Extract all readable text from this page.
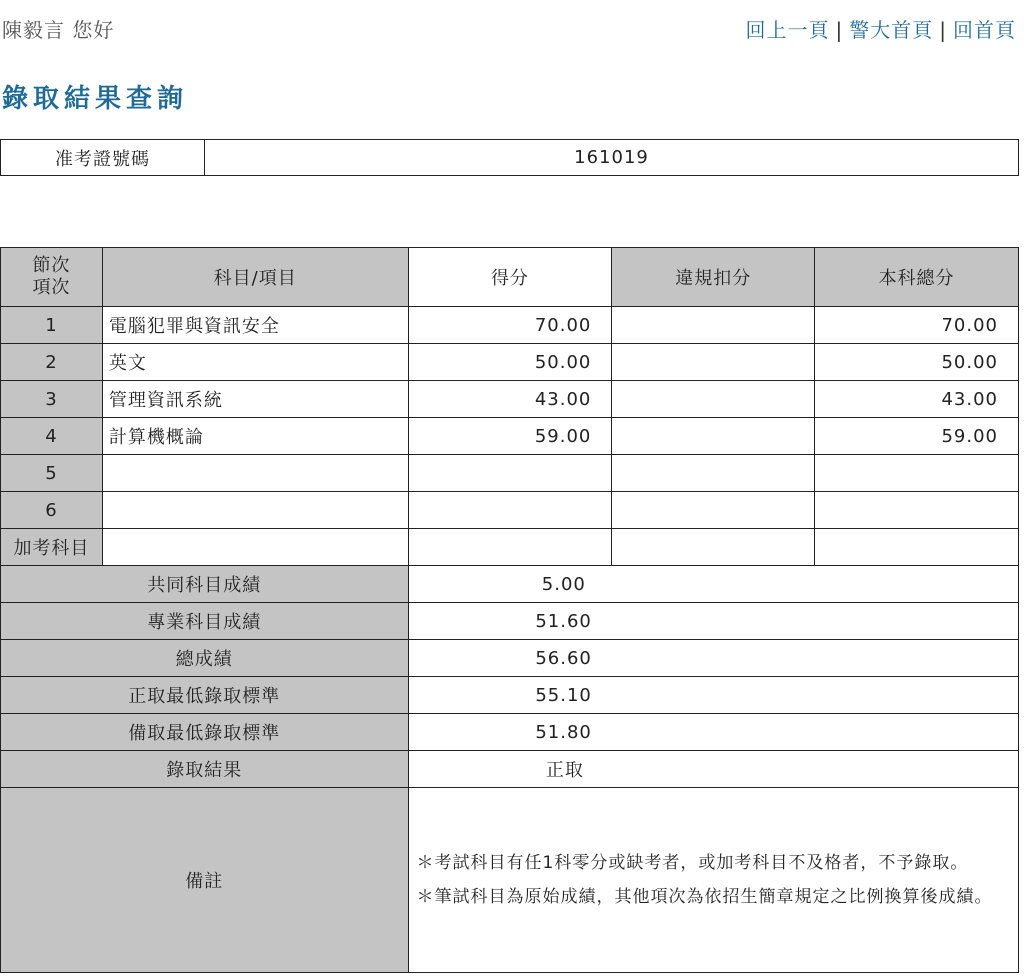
陳毅言 您好	回上一頁 | 警大首頁 | 回首頁
錄取結果查詢
准考證號碼	161019
節次
項次	科目/項目	得分	違規扣分	本科總分
1	電腦犯罪與資訊安全	70.00		70.00
2	英文	50.00		50.00
3	管理資訊系統	43.00		43.00
4	計算機概論	59.00		59.00
5				
6				
加考科目				
共同科目成績		5.00		
專業科目成績		51.60		
總成績		56.60		
正取最低錄取標準		55.10		
備取最低錄取標準		51.80		
錄取結果		正取		
備註		＊考試科目有任1科零分或缺考者，或加考科目不及格者，不予錄取。

＊筆試科目為原始成績，其他項次為依招生簡章規定之比例換算後成績。		
